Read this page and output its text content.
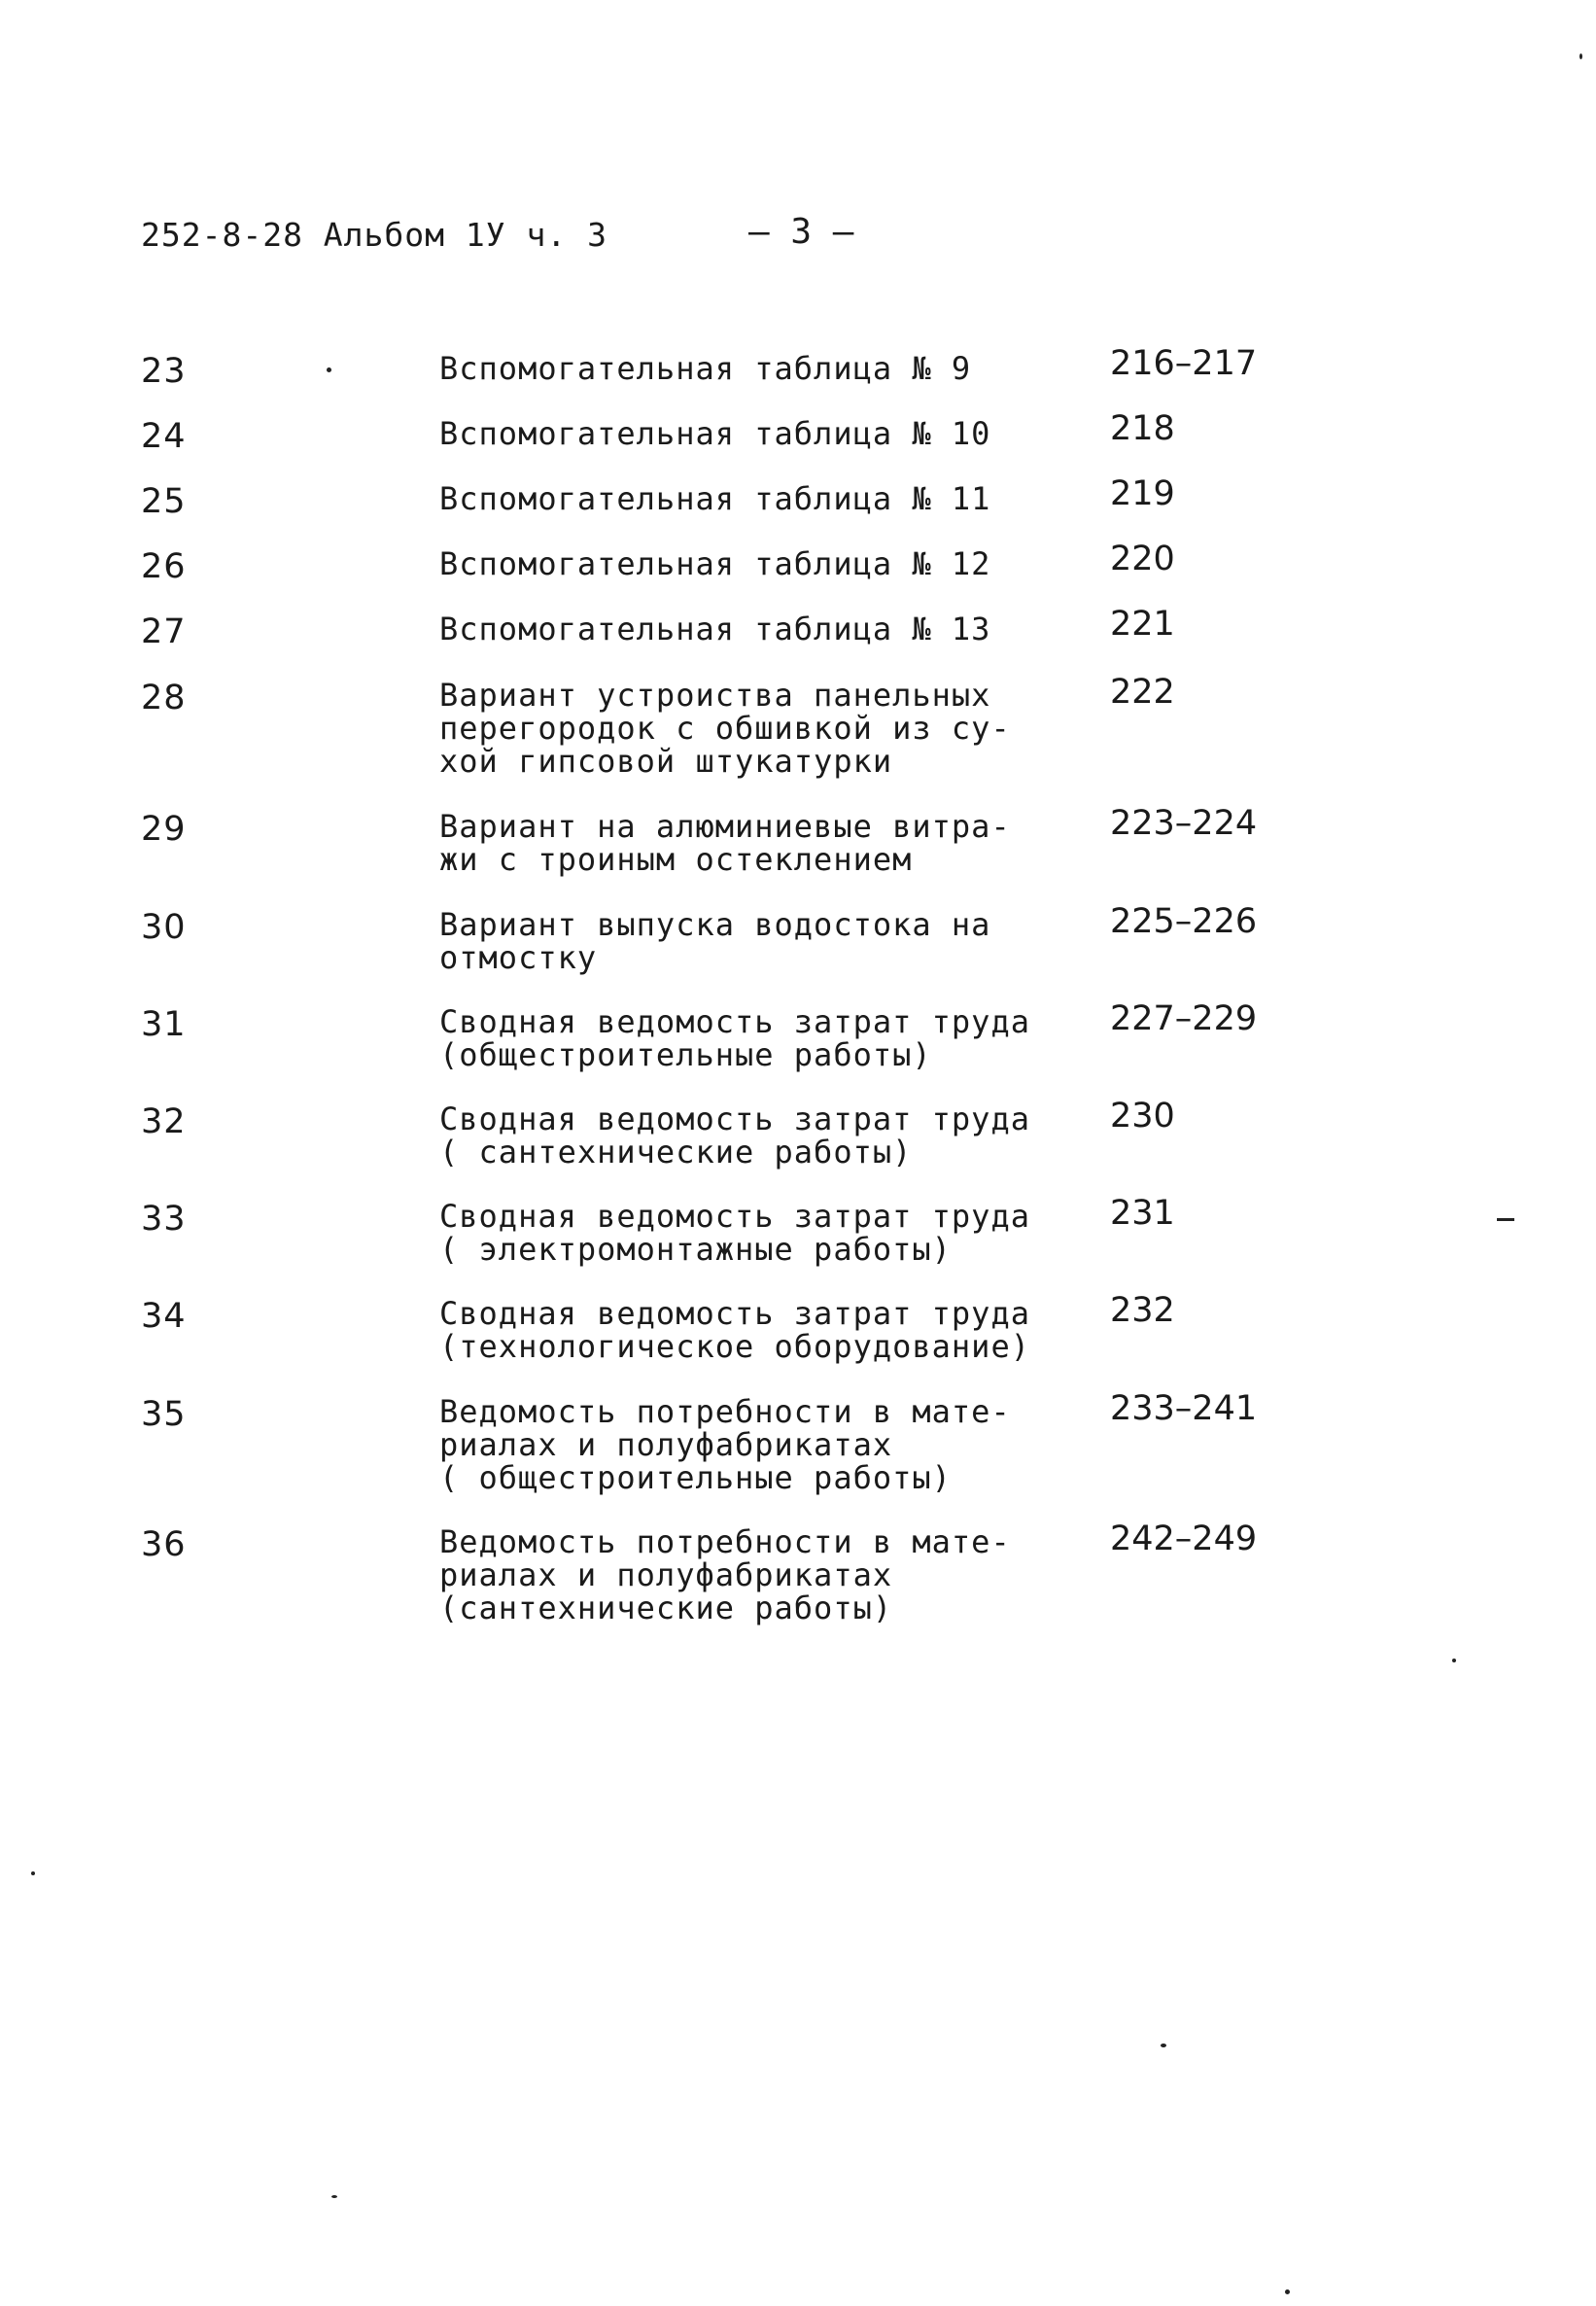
252-8-28 Альбом 1У ч. 3	– 3 –
23	Вспомогательная таблица № 9	216–217
24	Вспомогательная таблица № 10	218
25	Вспомогательная таблица № 11	219
26	Вспомогательная таблица № 12	220
27	Вспомогательная таблица № 13	221
28	Вариант устроиства панельных
перегородок с обшивкой из су-
хой гипсовой штукатурки
222
29	Вариант на алюминиевые витра-
жи с троиным остеклением
223–224
30	Вариант выпуска водостока на
отмостку
225–226
31	Сводная ведомость затрат труда
(общестроительные работы)
227–229
32	Сводная ведомость затрат труда
( сантехнические работы)
230
33	Сводная ведомость затрат труда
( электромонтажные работы)
231
34	Сводная ведомость затрат труда
(технологическое оборудование)
232
35	Ведомость потребности в мате-
риалах и полуфабрикатах
( общестроительные работы)
233–241
36	Ведомость потребности в мате-
риалах и полуфабрикатах
(сантехнические работы)
242–249
